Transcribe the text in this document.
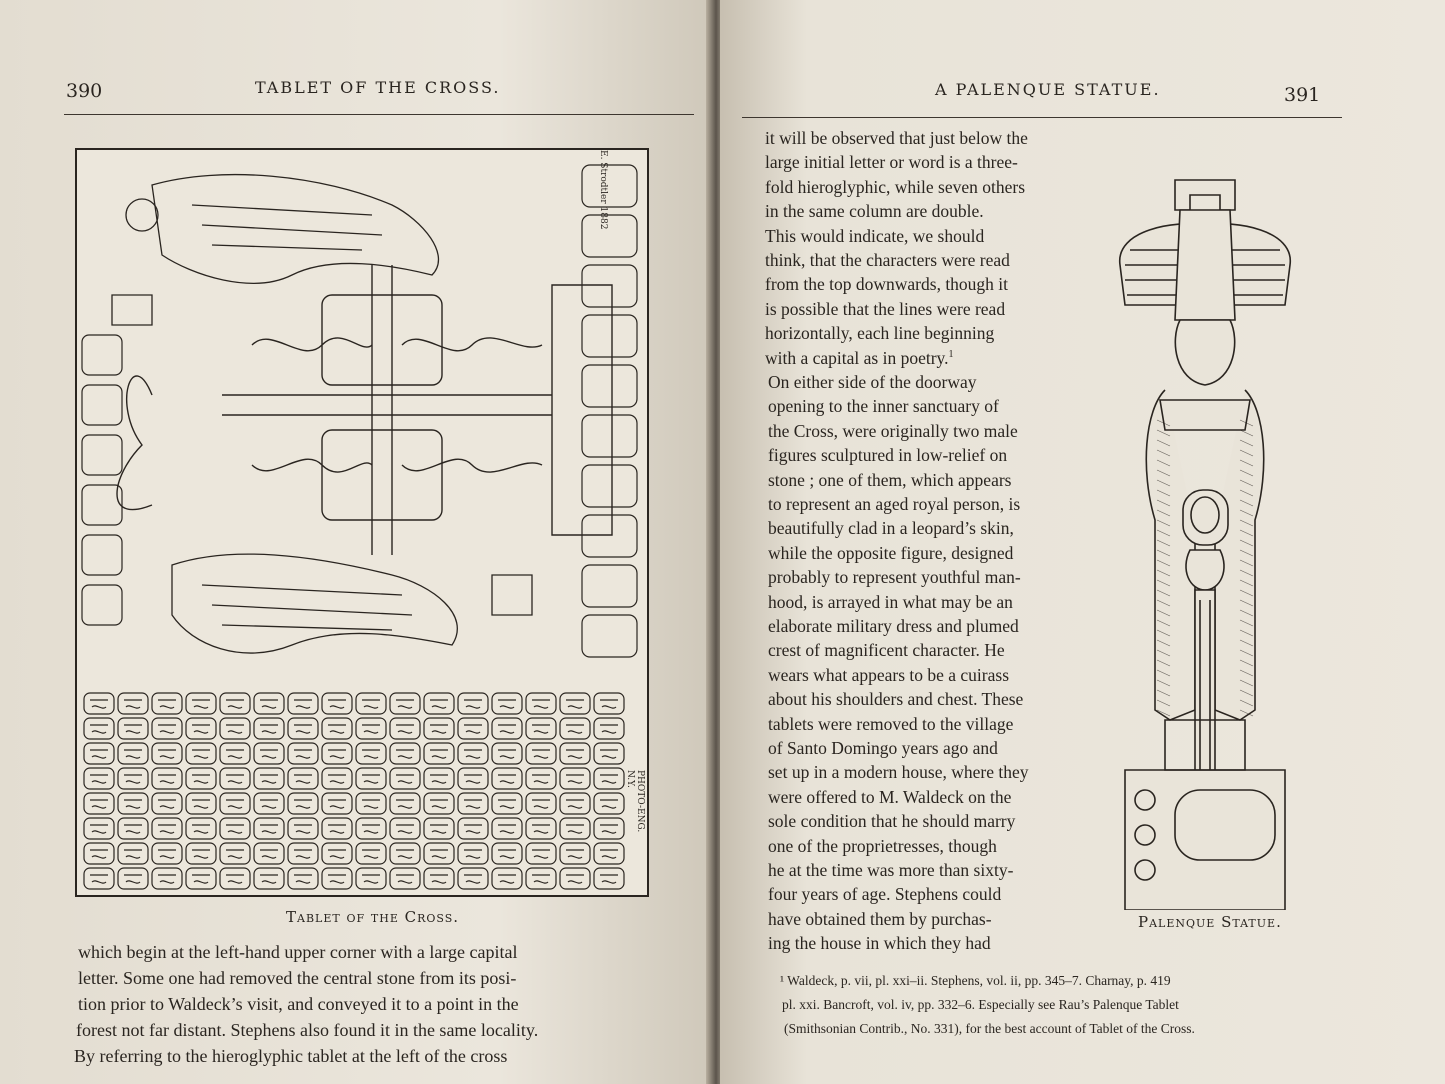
390	TABLET OF THE CROSS.
E. Strodtler 1882
PHOTO-ENG. N.Y.
Tablet of the Cross.
which begin at the left-hand upper corner with a large capital
letter. Some one had removed the central stone from its posi-
tion prior to Waldeck’s visit, and conveyed it to a point in the
forest not far distant. Stephens also found it in the same locality.
By referring to the hieroglyphic tablet at the left of the cross
A PALENQUE STATUE.	391
it will be observed that just below the
large initial letter or word is a three-
fold hieroglyphic, while seven others
in the same column are double.
This would indicate, we should
think, that the characters were read
from the top downwards, though it
is possible that the lines were read
horizontally, each line beginning
with a capital as in poetry.$^1$
On either side of the doorway
opening to the inner sanctuary of
the Cross, were originally two male
figures sculptured in low-relief on
stone ; one of them, which appears
to represent an aged royal person, is
beautifully clad in a leopard’s skin,
while the opposite figure, designed
probably to represent youthful man-
hood, is arrayed in what may be an
elaborate military dress and plumed
crest of magnificent character. He
wears what appears to be a cuirass
about his shoulders and chest. These
tablets were removed to the village
of Santo Domingo years ago and
set up in a modern house, where they
were offered to M. Waldeck on the
sole condition that he should marry
one of the proprietresses, though
he at the time was more than sixty-
four years of age. Stephens could
have obtained them by purchas-
ing the house in which they had
Palenque Statue.
¹ Waldeck, p. vii, pl. xxi–ii. Stephens, vol. ii, pp. 345–7. Charnay, p. 419
pl. xxi. Bancroft, vol. iv, pp. 332–6. Especially see Rau’s Palenque Tablet
(Smithsonian Contrib., No. 331), for the best account of Tablet of the Cross.
